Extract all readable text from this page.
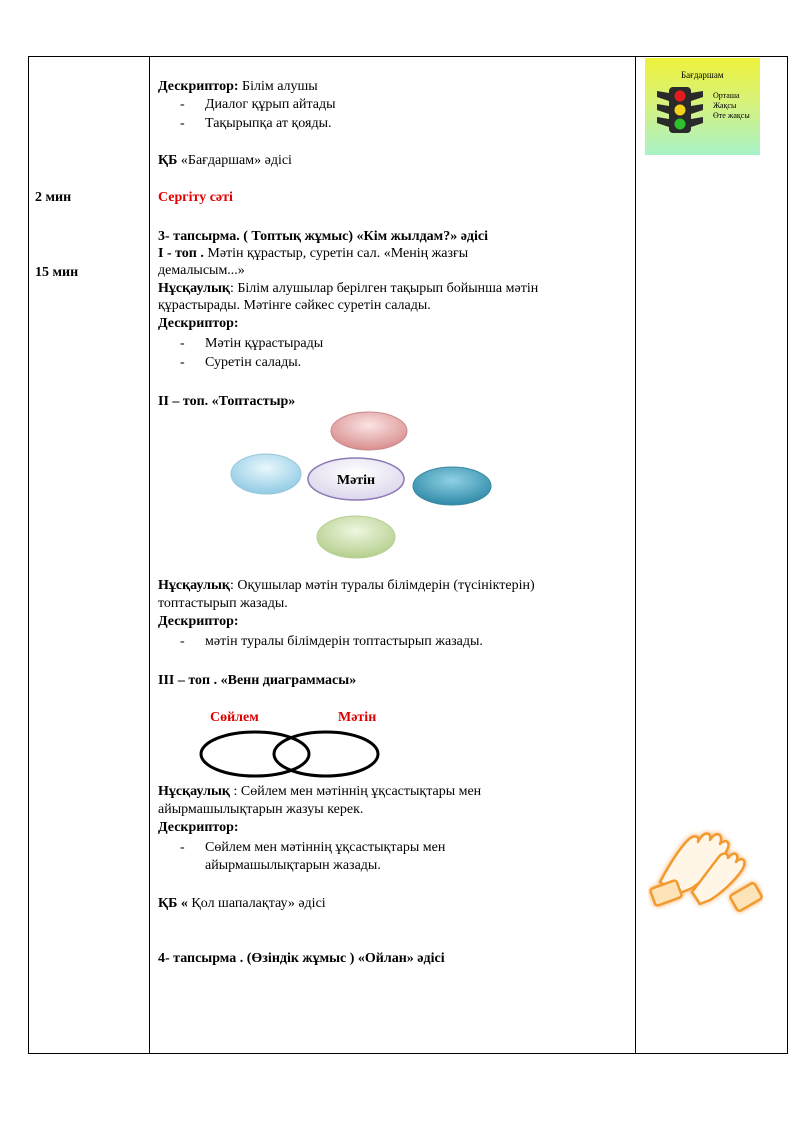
2 мин
15 мин
Дескриптор: Білім алушы
- Диалог құрып айтады
- Тақырыпқа ат қояды.
ҚБ «Бағдаршам» әдісі
Сергіту сәті
3- тапсырма. ( Топтық жұмыс) «Кім жылдам?» әдісі
І - топ . Мәтін құрастыр, суретін сал. «Менің жазғы
демалысым...»
Нұсқаулық: Білім алушылар берілген тақырып бойынша мәтін
құрастырады. Мәтінге сәйкес суретін салады.
Дескриптор:
- Мәтін құрастырады
- Суретін салады.
ІІ – топ. «Топтастыр»
Мәтін
Нұсқаулық: Оқушылар мәтін туралы білімдерін (түсініктерін)
топтастырып жазады.
Дескриптор:
- мәтін туралы білімдерін топтастырып жазады.
ІІІ – топ . «Венн диаграммасы»
Сөйлем	Мәтін
Нұсқаулық : Сөйлем мен мәтіннің ұқсастықтары мен
айырмашылықтарын жазуы керек.
Дескриптор:
- Сөйлем мен мәтіннің ұқсастықтары мен
айырмашылықтарын жазады.
ҚБ « Қол шапалақтау» әдісі
4- тапсырма . (Өзіндік жұмыс ) «Ойлан» әдісі
Бағдаршам
Орташа
Жақсы
Өте жақсы
